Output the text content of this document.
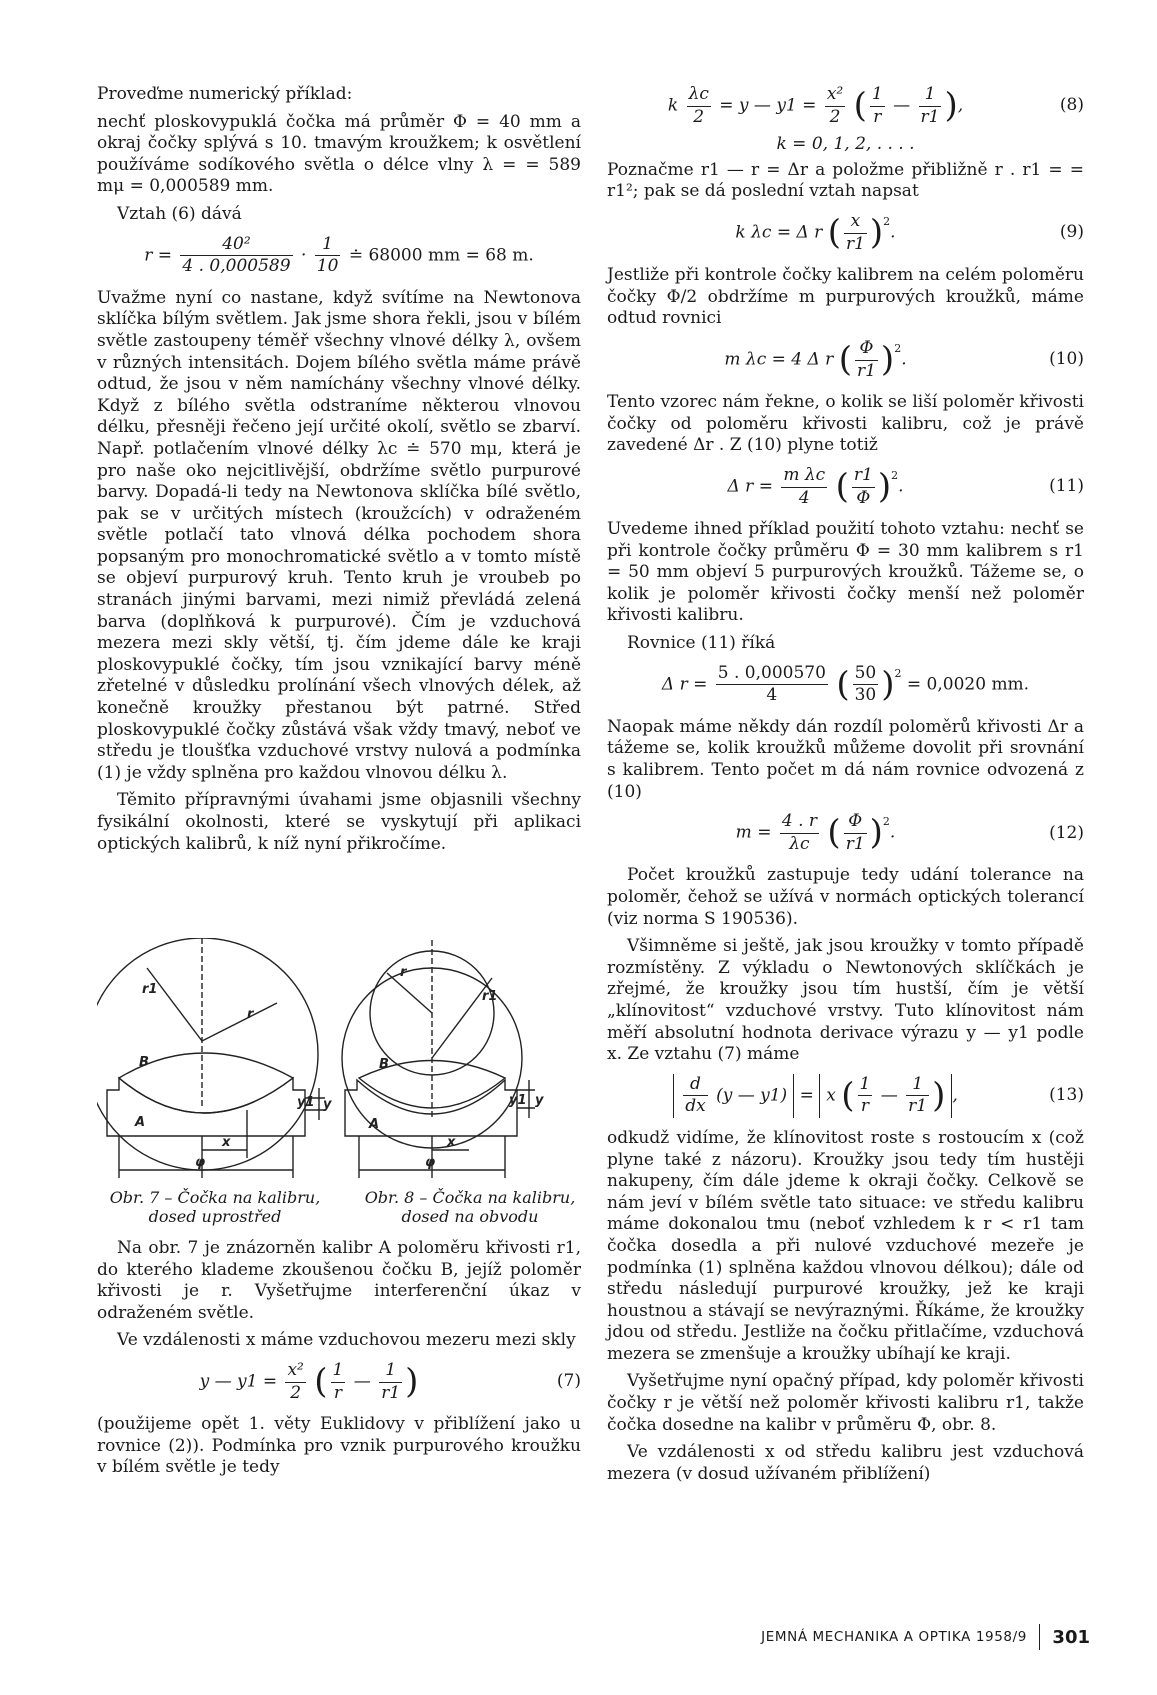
Proveďme numerický příklad:

nechť ploskovypuklá čočka má průměr Φ = 40 mm a okraj čočky splývá s 10. tmavým kroužkem; k osvětlení používáme sodíkového světla o délce vlny λ = = 589 mμ = 0,000589 mm.

Vztah (6) dává

$r = \frac{\text{40²}}{4 . 0,000589} \cdot \frac{1}{10}$ ≐ 68000 mm = 68 m.

Uvažme nyní co nastane, když svítíme na Newtonova sklíčka bílým světlem. Jak jsme shora řekli, jsou v bílém světle zastoupeny téměř všechny vlnové délky λ, ovšem v různých intensitách. Dojem bílého světla máme právě odtud, že jsou v něm namíchány všechny vlnové délky. Když z bílého světla odstraníme některou vlnovou délku, přesněji řečeno její určité okolí, světlo se zbarví. Např. potlačením vlnové délky λc ≐ 570 mμ, která je pro naše oko nejcitlivější, obdržíme světlo purpurové barvy. Dopadá-li tedy na Newtonova sklíčka bílé světlo, pak se v určitých místech (kroužcích) v odraženém světle potlačí tato vlnová délka pochodem shora popsaným pro monochromatické světlo a v tomto místě se objeví purpurový kruh. Tento kruh je vroubeb po stranách jinými barvami, mezi nimiž převládá zelená barva (doplňková k purpurové). Čím je vzduchová mezera mezi skly větší, tj. čím jdeme dále ke kraji ploskovypuklé čočky, tím jsou vznikající barvy méně zřetelné v důsledku prolínání všech vlnových délek, až konečně kroužky přestanou být patrné. Střed ploskovypuklé čočky zůstává však vždy tmavý, neboť ve středu je tloušťka vzduchové vrstvy nulová a podmínka (1) je vždy splněna pro každou vlnovou délku λ.

Těmito přípravnými úvahami jsme objasnili všechny fysikální okolnosti, které se vyskytují při aplikaci optických kalibrů, k níž nyní přikročíme.

r1
r
B
A
y
y1
x
φ
r
r1
B
A
y
y1
x
φ
Obr. 7 – Čočka na kalibru, dosed uprostřed
Obr. 8 – Čočka na kalibru, dosed na obvodu

Na obr. 7 je znázorněn kalibr A poloměru křivosti r1, do kterého klademe zkoušenou čočku B, jejíž poloměr křivosti je r. Vyšetřujme interferenční úkaz v odraženém světle.

Ve vzdálenosti x máme vzduchovou mezeru mezi skly

y — $y1 = \frac{\text{x²}}{2}$ ( $\frac{1}{r}$ — $\frac{1}{r1}$ )	(7)

(použijeme opět 1. věty Euklidovy v přiblížení jako u rovnice (2)). Podmínka pro vznik purpurového kroužku v bílém světle je tedy

k $\frac{\lambda c}{2} = y$ — $y1 = \frac{\text{x²}}{2}$ ( $\frac{1}{r}$ — $\frac{1}{r1}$ ),	(8)
k = 0, 1, 2, . . . .

Poznačme r1 — r = Δr a položme přibližně r . r1 = = r1²; pak se dá poslední vztah napsat

k λc = Δ r ( $\frac{x}{r1} )^2$.	(9)

Jestliže při kontrole čočky kalibrem na celém poloměru čočky Φ/2 obdržíme m purpurových kroužků, máme odtud rovnici

m λc = 4 Δ r ( $\frac{\Phi}{r1} )^2$.	(10)

Tento vzorec nám řekne, o kolik se liší poloměr křivosti čočky od poloměru křivosti kalibru, což je právě zavedené Δr . Z (10) plyne totiž

Δ $r = \frac{\text{m λc}}{4}$ ( $\frac{r1}{\Phi} )^2$.	(11)

Uvedeme ihned příklad použití tohoto vztahu: nechť se při kontrole čočky průměru Φ = 30 mm kalibrem s r1 = 50 mm objeví 5 purpurových kroužků. Tážeme se, o kolik je poloměr křivosti čočky menší než poloměr křivosti kalibru.

Rovnice (11) říká

Δ $r = \frac{5 . 0,000570}{4}$ ( $\frac{50}{30} )^2 = 0,0020$ mm.

Naopak máme někdy dán rozdíl poloměrů křivosti Δr a tážeme se, kolik kroužků můžeme dovolit při srovnání s kalibrem. Tento počet m dá nám rovnice odvozená z (10)

$m = \frac{4 . r}{\lambda c}$ ( $\frac{\Phi}{r1} )^2$.	(12)

Počet kroužků zastupuje tedy udání tolerance na poloměr, čehož se užívá v normách optických tolerancí (viz norma S 190536).

Všimněme si ještě, jak jsou kroužky v tomto případě rozmístěny. Z výkladu o Newtonových sklíčkách je zřejmé, že kroužky jsou tím hustší, čím je větší „klínovitost“ vzduchové vrstvy. Tuto klínovitost nám měří absolutní hodnota derivace výrazu y — y1 podle x. Ze vztahu (7) máme

$\frac{d}{dx} (y$ — y1) = x ( $\frac{1}{r}$ — $\frac{1}{r1}$ ) ,	(13)

odkudž vidíme, že klínovitost roste s rostoucím x (což plyne také z názoru). Kroužky jsou tedy tím hustěji nakupeny, čím dále jdeme k okraji čočky. Celkově se nám jeví v bílém světle tato situace: ve středu kalibru máme dokonalou tmu (neboť vzhledem k r < r1 tam čočka dosedla a při nulové vzduchové mezeře je podmínka (1) splněna každou vlnovou délkou); dále od středu následují purpurové kroužky, jež ke kraji houstnou a stávají se nevýraznými. Říkáme, že kroužky jdou od středu. Jestliže na čočku přitlačíme, vzduchová mezera se zmenšuje a kroužky ubíhají ke kraji.

Vyšetřujme nyní opačný případ, kdy poloměr křivosti čočky r je větší než poloměr křivosti kalibru r1, takže čočka dosedne na kalibr v průměru Φ, obr. 8.

Ve vzdálenosti x od středu kalibru jest vzduchová mezera (v dosud užívaném přiblížení)

JEMNÁ MECHANIKA A OPTIKA 1958/9 301
